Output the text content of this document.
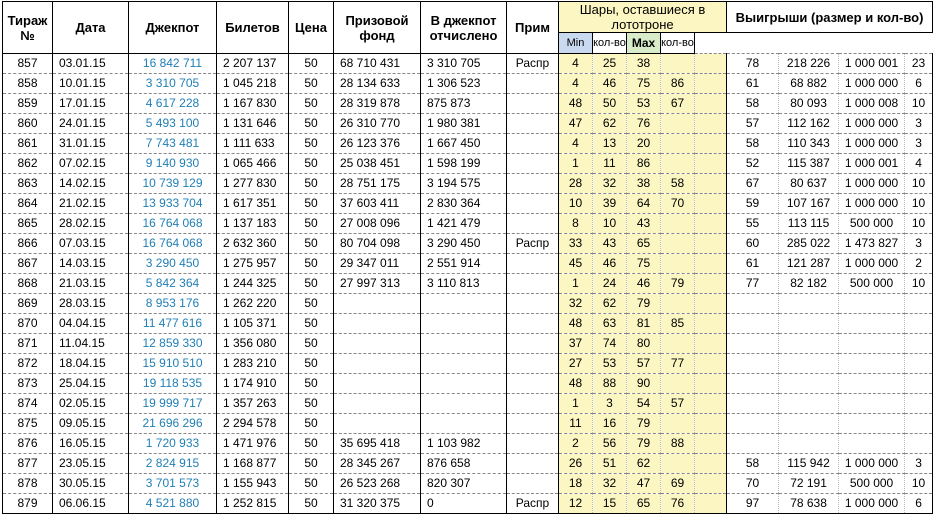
Тираж №	Дата	Джекпот	Билетов	Цена	Призовой фонд	В джекпот отчислено	Прим	Шары, оставшиеся в лототроне					Выигрыши (размер и кол-во)			
								Min	кол-во	Max	кол-во					
857	03.01.15	16 842 711	2 207 137	50	68 710 431	3 310 705	Распр	4	25	38			78	218 226	1 000 001	23
858	10.01.15	3 310 705	1 045 218	50	28 134 633	1 306 523		4	46	75	86		61	68 882	1 000 000	6
859	17.01.15	4 617 228	1 167 830	50	28 319 878	875 873		48	50	53	67		58	80 093	1 000 008	10
860	24.01.15	5 493 100	1 131 646	50	26 310 770	1 980 381		47	62	76			57	112 162	1 000 000	3
861	31.01.15	7 743 481	1 111 633	50	26 123 376	1 667 450		4	13	20			58	110 343	1 000 000	3
862	07.02.15	9 140 930	1 065 466	50	25 038 451	1 598 199		1	11	86			52	115 387	1 000 001	4
863	14.02.15	10 739 129	1 277 830	50	28 751 175	3 194 575		28	32	38	58		67	80 637	1 000 000	10
864	21.02.15	13 933 704	1 617 351	50	37 603 411	2 830 364		10	39	64	70		59	107 167	1 000 000	10
865	28.02.15	16 764 068	1 137 183	50	27 008 096	1 421 479		8	10	43			55	113 115	500 000	10
866	07.03.15	16 764 068	2 632 360	50	80 704 098	3 290 450	Распр	33	43	65			60	285 022	1 473 827	3
867	14.03.15	3 290 450	1 275 957	50	29 347 011	2 551 914		45	46	75			61	121 287	1 000 000	2
868	21.03.15	5 842 364	1 244 325	50	27 997 313	3 110 813		1	24	46	79		77	82 182	500 000	10
869	28.03.15	8 953 176	1 262 220	50				32	62	79						
870	04.04.15	11 477 616	1 105 371	50				48	63	81	85					
871	11.04.15	12 859 330	1 356 080	50				37	74	80						
872	18.04.15	15 910 510	1 283 210	50				27	53	57	77					
873	25.04.15	19 118 535	1 174 910	50				48	88	90						
874	02.05.15	19 999 717	1 357 263	50				1	3	54	57					
875	09.05.15	21 696 296	2 294 578	50				11	16	79						
876	16.05.15	1 720 933	1 471 976	50	35 695 418	1 103 982		2	56	79	88					
877	23.05.15	2 824 915	1 168 877	50	28 345 267	876 658		26	51	62			58	115 942	1 000 000	3
878	30.05.15	3 701 573	1 155 943	50	26 523 268	820 307		18	32	47	69		70	72 191	500 000	10
879	06.06.15	4 521 880	1 252 815	50	31 320 375	0	Распр	12	15	65	76		97	78 638	1 000 000	6
